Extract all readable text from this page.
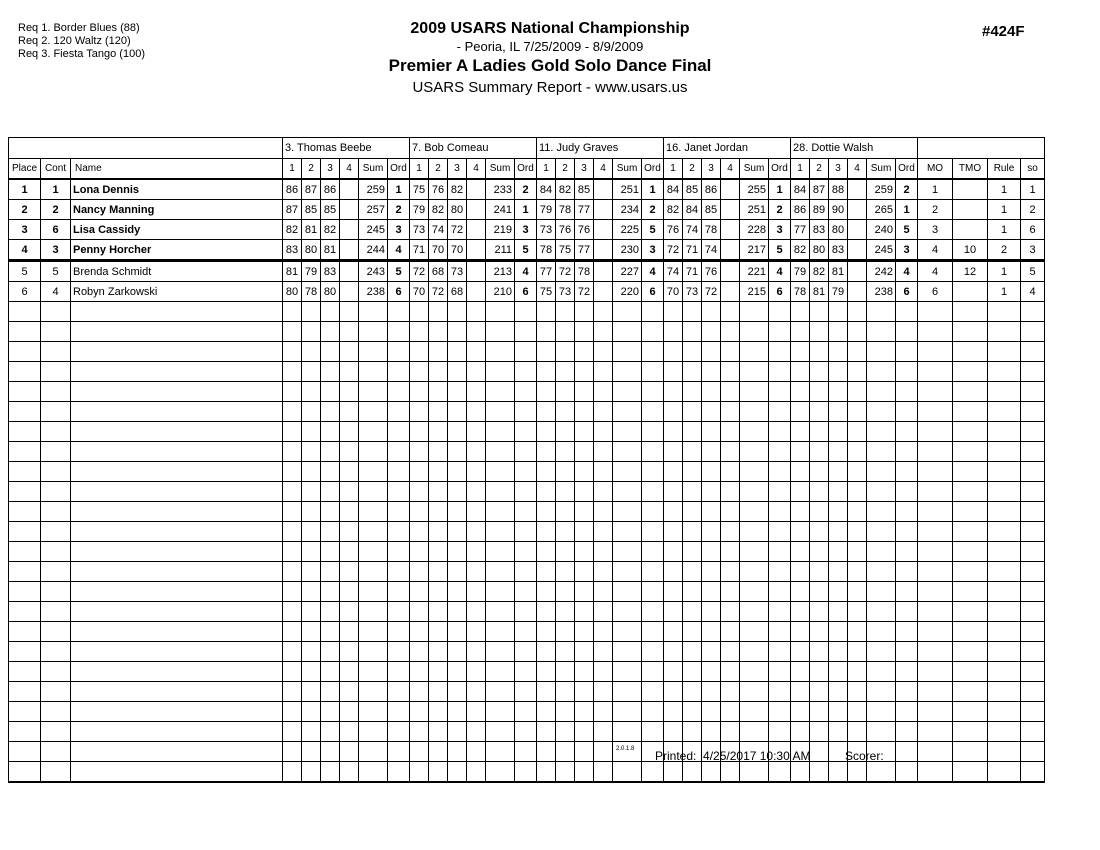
Req 1. Border Blues (88)
Req 2. 120 Waltz (120)
Req 3. Fiesta Tango (100)
2009 USARS National Championship
- Peoria, IL 7/25/2009 - 8/9/2009
Premier A Ladies Gold Solo Dance Final
USARS Summary Report - www.usars.us
#424F
			3. Thomas Beebe						7. Bob Comeau						11. Judy Graves						16. Janet Jordan						28. Dottie Walsh									
Place	Cont	Name	1	2	3	4	Sum	Ord	1	2	3	4	Sum	Ord	1	2	3	4	Sum	Ord	1	2	3	4	Sum	Ord	1	2	3	4	Sum	Ord	MO	TMO	Rule	so
1	1	Lona Dennis	86	87	86		259	1	75	76	82		233	2	84	82	85		251	1	84	85	86		255	1	84	87	88		259	2	1		1	1
2	2	Nancy Manning	87	85	85		257	2	79	82	80		241	1	79	78	77		234	2	82	84	85		251	2	86	89	90		265	1	2		1	2
3	6	Lisa Cassidy	82	81	82		245	3	73	74	72		219	3	73	76	76		225	5	76	74	78		228	3	77	83	80		240	5	3		1	6
4	3	Penny Horcher	83	80	81		244	4	71	70	70		211	5	78	75	77		230	3	72	71	74		217	5	82	80	83		245	3	4	10	2	3
5	5	Brenda Schmidt	81	79	83		243	5	72	68	73		213	4	77	72	78		227	4	74	71	76		221	4	79	82	81		242	4	4	12	1	5
6	4	Robyn Zarkowski	80	78	80		238	6	70	72	68		210	6	75	73	72		220	6	70	73	72		215	6	78	81	79		238	6	6		1	4

2.0.1.8 Printed: 4/25/2017 10:30 AM	Scorer:
